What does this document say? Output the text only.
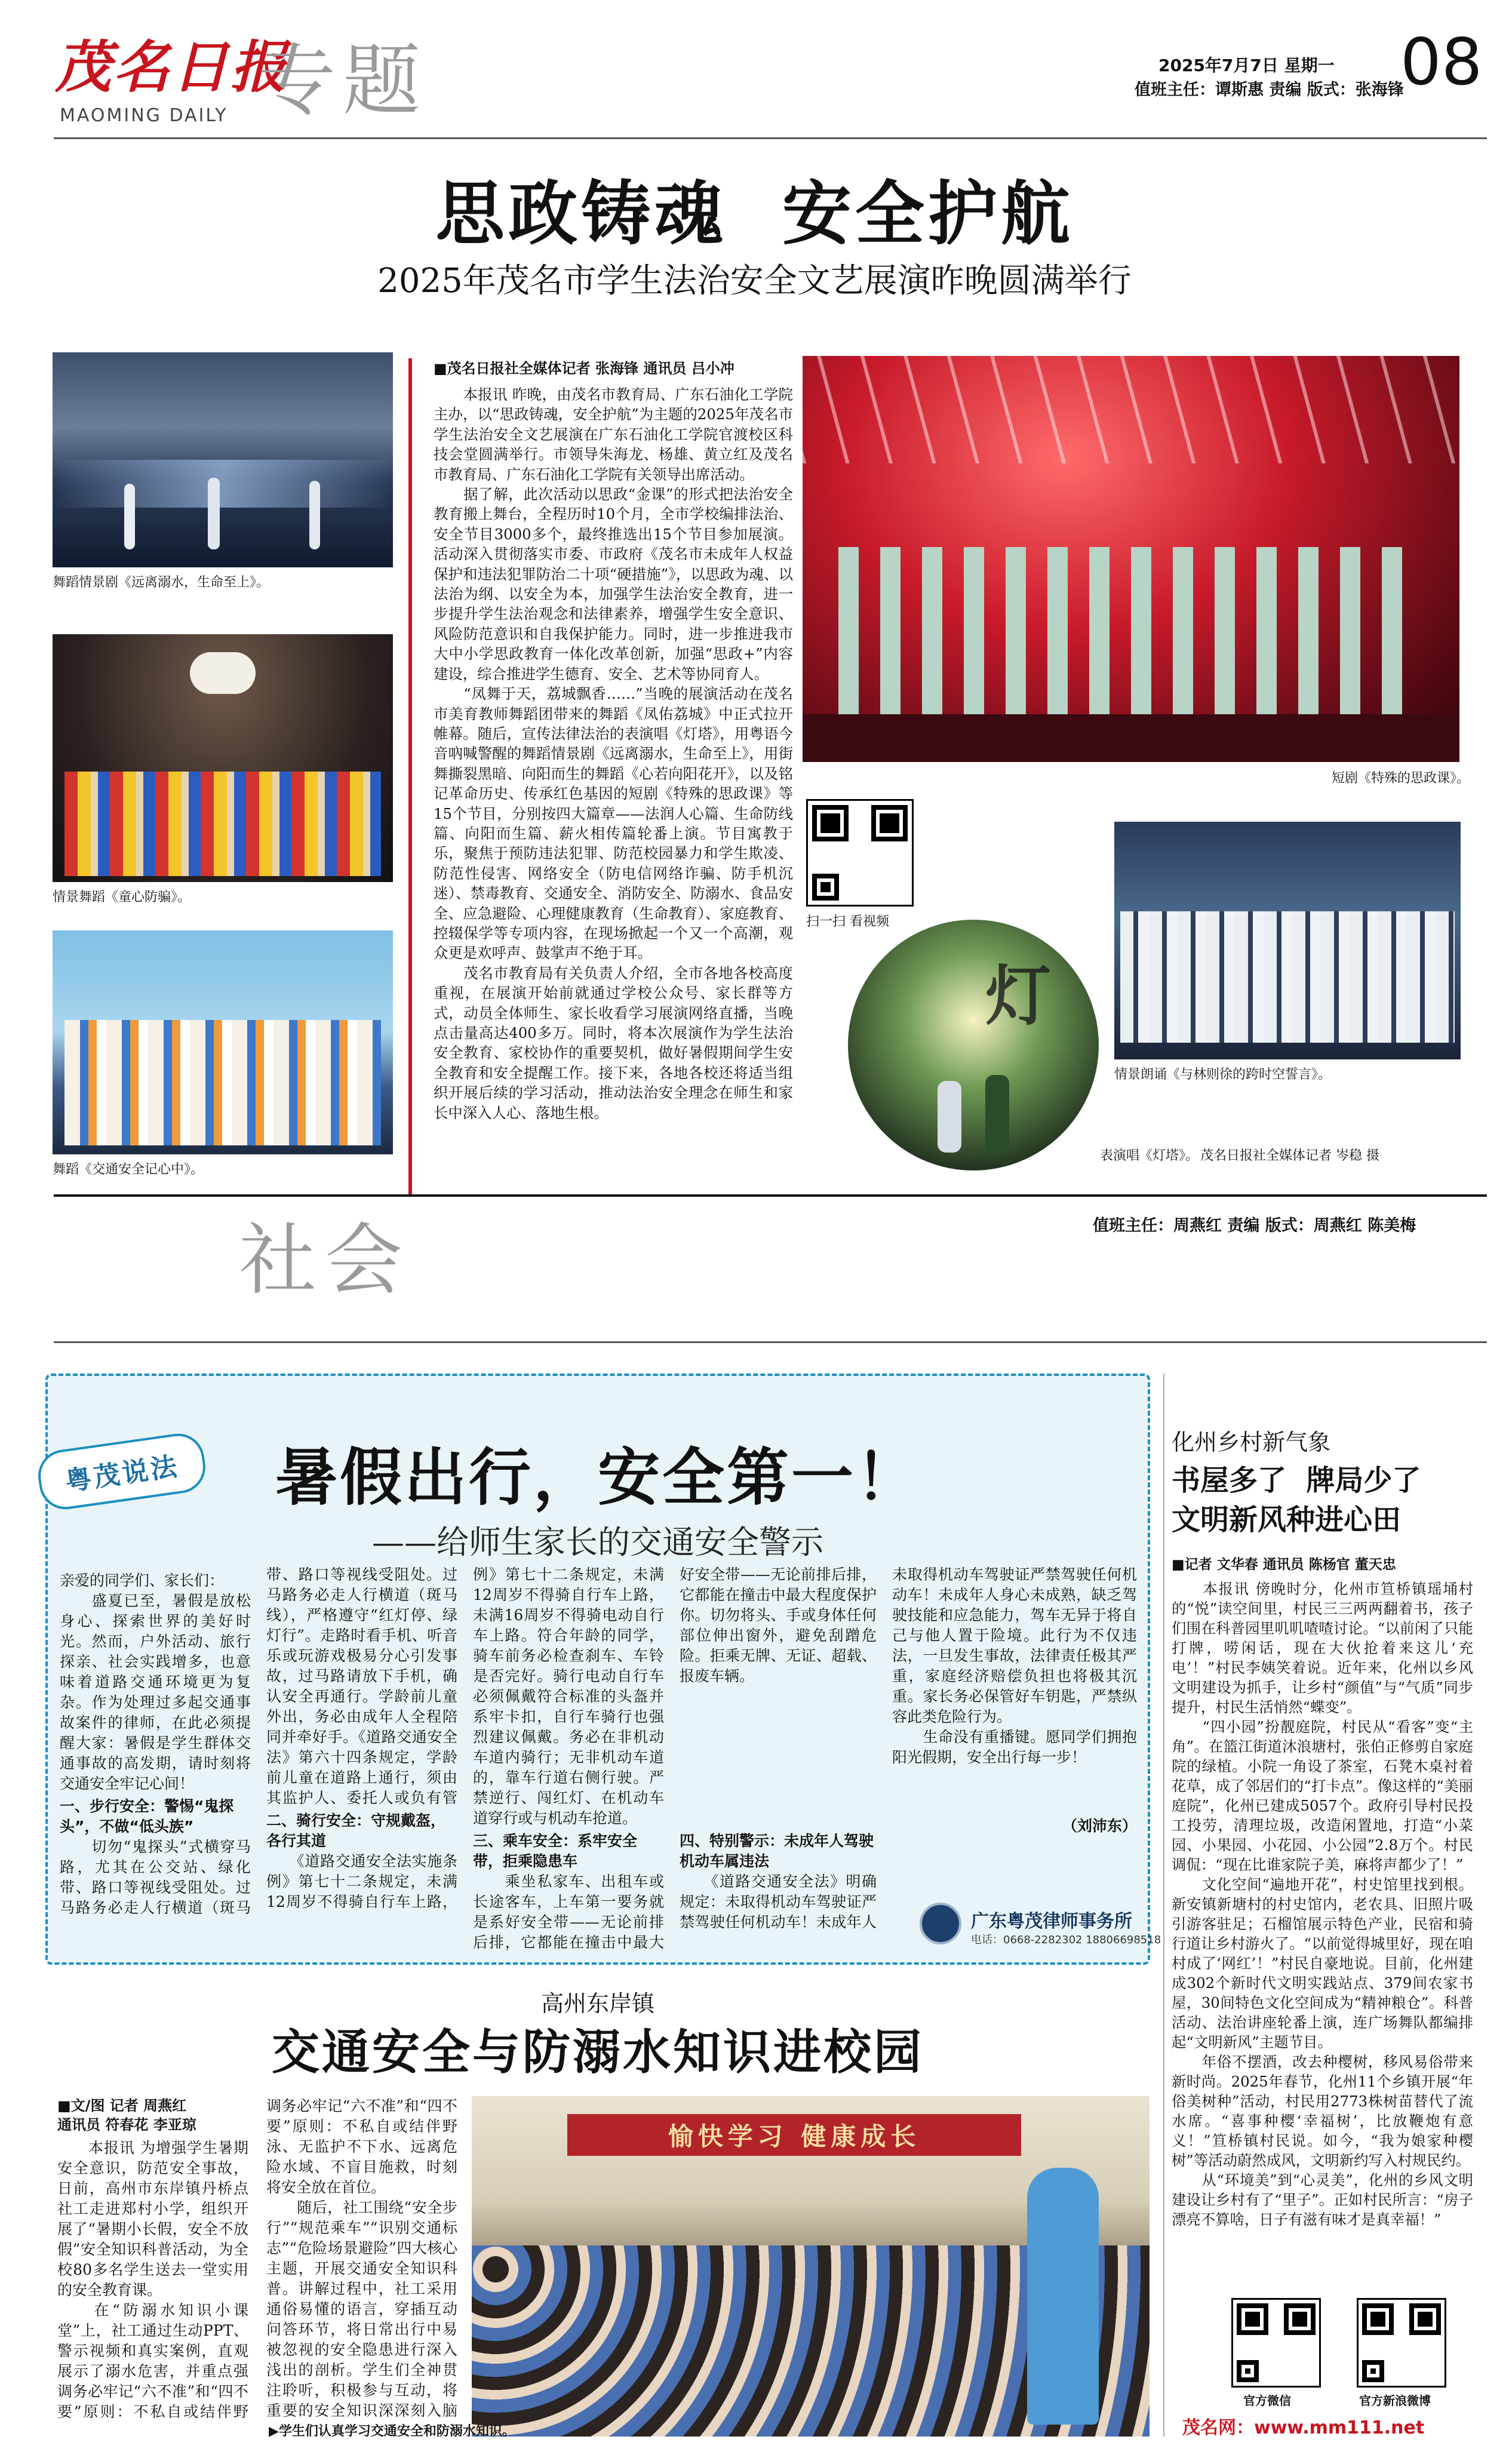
茂名日报
MAOMING DAILY 专题	2025年7月7日 星期一
值班主任：谭斯惠 责编 版式：张海锋
08
思政铸魂  安全护航
2025年茂名市学生法治安全文艺展演昨晚圆满举行
舞蹈情景剧《远离溺水，生命至上》。
情景舞蹈《童心防骗》。
舞蹈《交通安全记心中》。
■茂名日报社全媒体记者 张海锋 通讯员 吕小冲
　　本报讯 昨晚，由茂名市教育局、广东石油化工学院主办，以“思政铸魂，安全护航”为主题的2025年茂名市学生法治安全文艺展演在广东石油化工学院官渡校区科技会堂圆满举行。市领导朱海龙、杨雄、黄立红及茂名市教育局、广东石油化工学院有关领导出席活动。
　　据了解，此次活动以思政“金课”的形式把法治安全教育搬上舞台，全程历时10个月，全市学校编排法治、安全节目3000多个，最终推选出15个节目参加展演。活动深入贯彻落实市委、市政府《茂名市未成年人权益保护和违法犯罪防治二十项“硬措施”》，以思政为魂、以法治为纲、以安全为本，加强学生法治安全教育，进一步提升学生法治观念和法律素养，增强学生安全意识、风险防范意识和自我保护能力。同时，进一步推进我市大中小学思政教育一体化改革创新，加强“思政+”内容建设，综合推进学生德育、安全、艺术等协同育人。
　　“凤舞于天，荔城飘香……”当晚的展演活动在茂名市美育教师舞蹈团带来的舞蹈《凤佑荔城》中正式拉开帷幕。随后，宣传法律法治的表演唱《灯塔》，用粤语今音吶喊警醒的舞蹈情景剧《远离溺水，生命至上》，用街舞撕裂黑暗、向阳而生的舞蹈《心若向阳花开》，以及铭记革命历史、传承红色基因的短剧《特殊的思政课》等15个节目，分别按四大篇章——法润人心篇、生命防线篇、向阳而生篇、薪火相传篇轮番上演。节目寓教于乐，聚焦于预防违法犯罪、防范校园暴力和学生欺凌、防范性侵害、网络安全（防电信网络诈骗、防手机沉迷）、禁毒教育、交通安全、消防安全、防溺水、食品安全、应急避险、心理健康教育（生命教育）、家庭教育、控辍保学等专项内容，在现场掀起一个又一个高潮，观众更是欢呼声、鼓掌声不绝于耳。
　　茂名市教育局有关负责人介绍，全市各地各校高度重视，在展演开始前就通过学校公众号、家长群等方式，动员全体师生、家长收看学习展演网络直播，当晚点击量高达400多万。同时，将本次展演作为学生法治安全教育、家校协作的重要契机，做好暑假期间学生安全教育和安全提醒工作。接下来，各地各校还将适当组织开展后续的学习活动，推动法治安全理念在师生和家长中深入人心、落地生根。
短剧《特殊的思政课》。
扫一扫 看视频
灯
表演唱《灯塔》。 茂名日报社全媒体记者 岑稳 摄
情景朗诵《与林则徐的跨时空誓言》。
社会	值班主任：周燕红 责编 版式：周燕红 陈美梅
粤茂说法	暑假出行，安全第一！
——给师生家长的交通安全警示
亲爱的同学们、家长们：
　　盛夏已至，暑假是放松身心、探索世界的美好时光。然而，户外活动、旅行探亲、社会实践增多，也意味着道路交通环境更为复杂。作为处理过多起交通事故案件的律师，在此必须提醒大家：暑假是学生群体交通事故的高发期，请时刻将交通安全牢记心间！
一、步行安全：警惕“鬼探头”，不做“低头族”
　　切勿“鬼探头”式横穿马路，尤其在公交站、绿化带、路口等视线受阻处。过马路务必走人行横道（斑马

　　带、路口等视线受阻处。过马路务必走人行横道（斑马线），严格遵守“红灯停、绿灯行”。走路时看手机、听音乐或玩游戏极易分心引发事故，过马路请放下手机，确认安全再通行。学龄前儿童外出，务必由成年人全程陪同并牵好手。《道路交通安全法》第六十四条规定，学龄前儿童在道路上通行，须由其监护人、委托人或负有管

二、骑行安全：守规戴盔，各行其道
　　《道路交通安全法实施条例》第七十二条规定，未满12周岁不得骑自行车上路，

　　例》第七十二条规定，未满12周岁不得骑自行车上路，未满16周岁不得骑电动自行车上路。符合年龄的同学，骑车前务必检查刹车、车铃是否完好。骑行电动自行车必须佩戴符合标准的头盔并系牢卡扣，自行车骑行也强烈建议佩戴。务必在非机动车道内骑行；无非机动车道的，靠车行道右侧行驶。严禁逆行、闯红灯、在机动车道穿行或与机动车抢道。

三、乘车安全：系牢安全带，拒乘隐患车
　　乘坐私家车、出租车或长途客车，上车第一要务就是系好安全带——无论前排后排，它都能在撞击中最大

　　好安全带——无论前排后排，它都能在撞击中最大程度保护你。切勿将头、手或身体任何部位伸出窗外，避免刮蹭危险。拒乘无牌、无证、超载、报废车辆。

四、特别警示：未成年人驾驶机动车属违法
　　《道路交通安全法》明确规定：未取得机动车驾驶证严禁驾驶任何机动车！未成年人

　　未取得机动车驾驶证严禁驾驶任何机动车！未成年人身心未成熟，缺乏驾驶技能和应急能力，驾车无异于将自己与他人置于险境。此行为不仅违法，一旦发生事故，法律责任极其严重，家庭经济赔偿负担也将极其沉重。家长务必保管好车钥匙，严禁纵容此类危险行为。
　　生命没有重播键。愿同学们拥抱阳光假期，安全出行每一步！

（刘沛东）
广东粤茂律师事务所
电话：0668-2282302 18806698518
高州东岸镇
交通安全与防溺水知识进校园
■文/图 记者 周燕红
通讯员 符春花 李亚琼
　　本报讯 为增强学生暑期安全意识，防范安全事故，日前，高州市东岸镇丹桥点社工走进郑村小学，组织开展了“暑期小长假，安全不放假”安全知识科普活动，为全校80多名学生送去一堂实用的安全教育课。
　　在“防溺水知识小课堂”上，社工通过生动PPT、警示视频和真实案例，直观展示了溺水危害，并重点强调务必牢记“六不准”和“四不要”原则：不私自或结伴野

　　调务必牢记“六不准”和“四不要”原则：不私自或结伴野泳、无监护不下水、远离危险水域、不盲目施救，时刻将安全放在首位。
　　随后，社工围绕“安全步行”“规范乘车”“识别交通标志”“危险场景避险”四大核心主题，开展交通安全知识科普。讲解过程中，社工采用通俗易懂的语言，穿插互动问答环节，将日常出行中易被忽视的安全隐患进行深入浅出的剖析。学生们全神贯注聆听，积极参与互动，将重要的安全知识深深刻入脑

愉快学习 健康成长
▶学生们认真学习交通安全和防溺水知识。
化州乡村新气象
书屋多了  牌局少了
文明新风种进心田
■记者 文华春 通讯员 陈杨官 董天忠
　　本报讯 傍晚时分，化州市笪桥镇瑶埇村的“悦”读空间里，村民三三两两翻着书，孩子们围在科普园里叽叽喳喳讨论。“以前闲了只能打牌，唠闲话，现在大伙抢着来这儿‘充电’！”村民李姨笑着说。近年来，化州以乡风文明建设为抓手，让乡村“颜值”与“气质”同步提升，村民生活悄然“蝶变”。
　　“四小园”扮靓庭院，村民从“看客”变“主角”。在篮江街道沐浪塘村，张伯正修剪自家庭院的绿植。小院一角设了茶室，石凳木桌衬着花草，成了邻居们的“打卡点”。像这样的“美丽庭院”，化州已建成5057个。政府引导村民投工投劳，清理垃圾，改造闲置地，打造“小菜园、小果园、小花园、小公园”2.8万个。村民调侃：“现在比谁家院子美，麻将声都少了！”
　　文化空间“遍地开花”，村史馆里找到根。新安镇新塘村的村史馆内，老农具、旧照片吸引游客驻足；石榴馆展示特色产业，民宿和骑行道让乡村游火了。“以前觉得城里好，现在咱村成了‘网红’！”村民自豪地说。目前，化州建成302个新时代文明实践站点、379间农家书屋，30间特色文化空间成为“精神粮仓”。科普活动、法治讲座轮番上演，连广场舞队都编排起“文明新风”主题节目。
　　年俗不摆酒，改去种樱树，移风易俗带来新时尚。2025年春节，化州11个乡镇开展“年俗美树种”活动，村民用2773株树苗替代了流水席。“喜事种樱‘幸福树’，比放鞭炮有意义！”笪桥镇村民说。如今，“我为娘家种樱树”等活动蔚然成风，文明新约写入村规民约。
　　从“环境美”到“心灵美”，化州的乡风文明建设让乡村有了“里子”。正如村民所言：“房子漂亮不算啥，日子有滋有味才是真幸福！”
官方微信	官方新浪微博
茂名网：www.mm111.net
